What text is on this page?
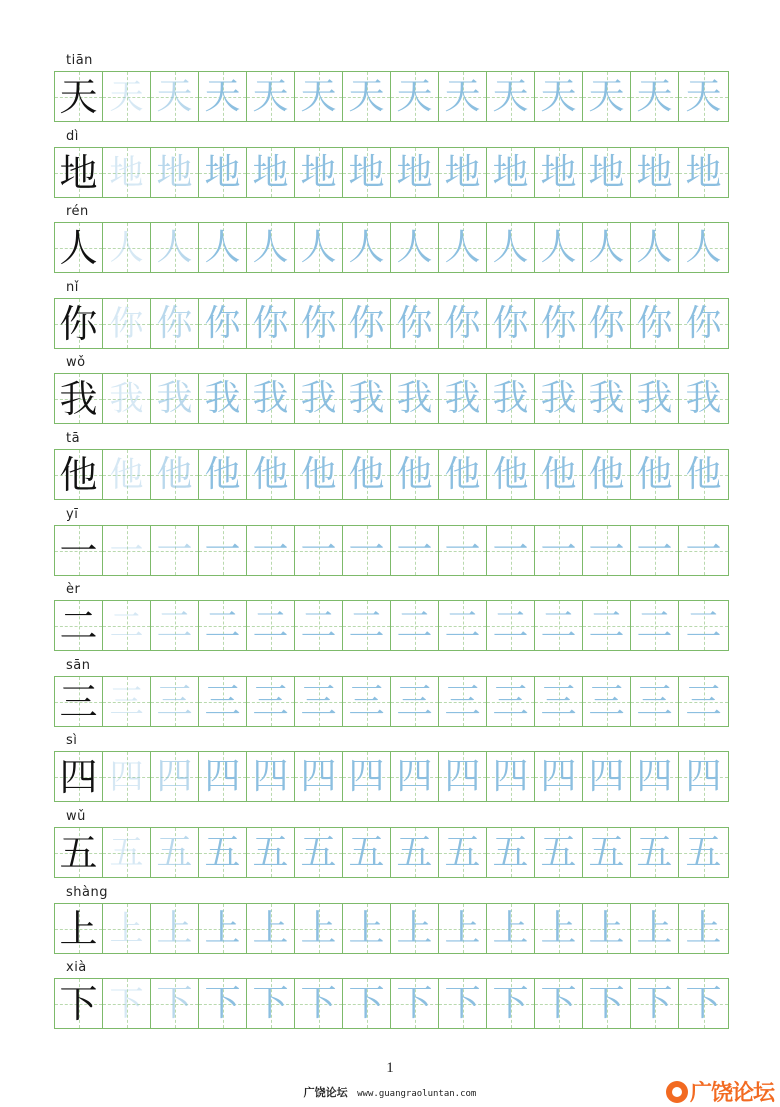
tiān
天 天 天 天 天 天 天 天 天 天 天 天 天 天
dì
地 地 地 地 地 地 地 地 地 地 地 地 地 地
rén
人 人 人 人 人 人 人 人 人 人 人 人 人 人
nǐ
你 你 你 你 你 你 你 你 你 你 你 你 你 你
wǒ
我 我 我 我 我 我 我 我 我 我 我 我 我 我
tā
他 他 他 他 他 他 他 他 他 他 他 他 他 他
yī
一 一 一 一 一 一 一 一 一 一 一 一 一 一
èr
二 二 二 二 二 二 二 二 二 二 二 二 二 二
sān
三 三 三 三 三 三 三 三 三 三 三 三 三 三
sì
四 四 四 四 四 四 四 四 四 四 四 四 四 四
wǔ
五 五 五 五 五 五 五 五 五 五 五 五 五 五
shàng
上 上 上 上 上 上 上 上 上 上 上 上 上 上
xià
下 下 下 下 下 下 下 下 下 下 下 下 下 下
1
广饶论坛 www.guangraoluntan.com	广饶论坛
